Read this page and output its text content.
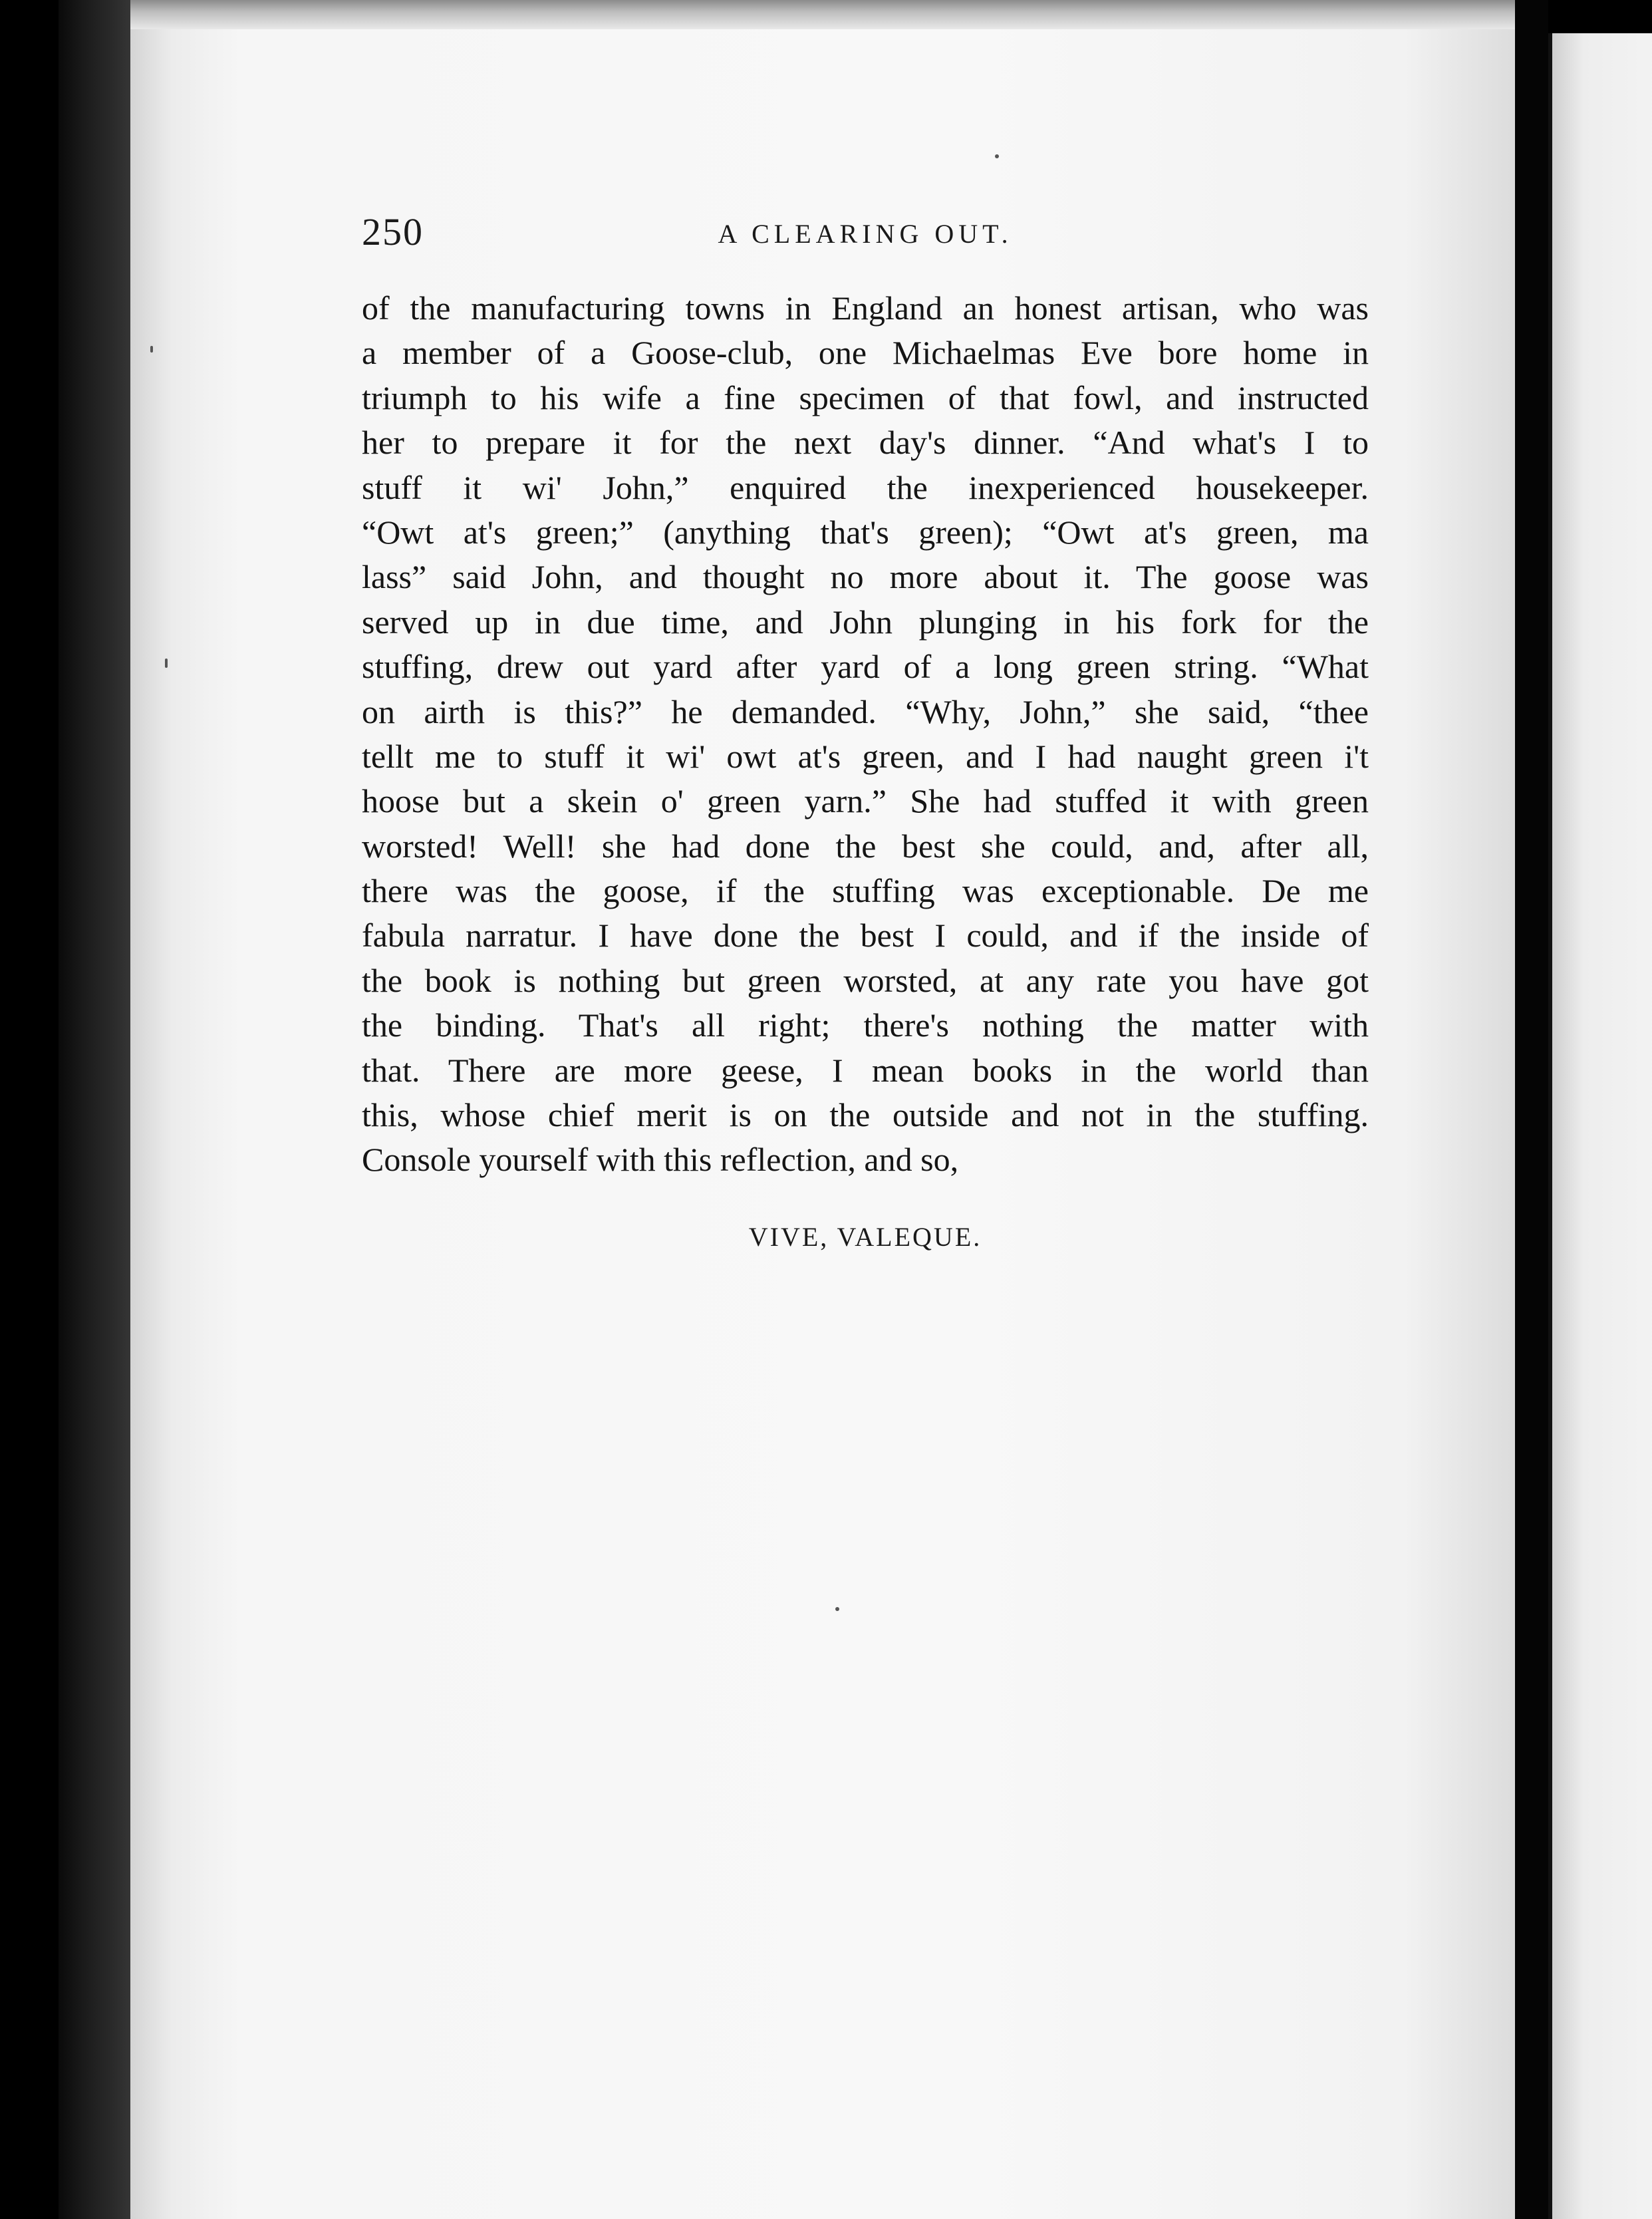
250	A CLEARING OUT.
of the manufacturing towns in England an honest artisan, who was
a member of a Goose-club, one Michaelmas Eve bore home in
triumph to his wife a fine specimen of that fowl, and instructed
her to prepare it for the next day's dinner. “And what's I to
stuff it wi' John,” enquired the inexperienced housekeeper.
“Owt at's green;” (anything that's green); “Owt at's green, ma
lass” said John, and thought no more about it. The goose was
served up in due time, and John plunging in his fork for the
stuffing, drew out yard after yard of a long green string. “What
on airth is this?” he demanded. “Why, John,” she said, “thee
tellt me to stuff it wi' owt at's green, and I had naught green i't
hoose but a skein o' green yarn.” She had stuffed it with green
worsted! Well! she had done the best she could, and, after all,
there was the goose, if the stuffing was exceptionable. De me
fabula narratur. I have done the best I could, and if the inside of
the book is nothing but green worsted, at any rate you have got
the binding. That's all right; there's nothing the matter with
that. There are more geese, I mean books in the world than
this, whose chief merit is on the outside and not in the stuffing.
Console yourself with this reflection, and so,
VIVE, VALEQUE.
